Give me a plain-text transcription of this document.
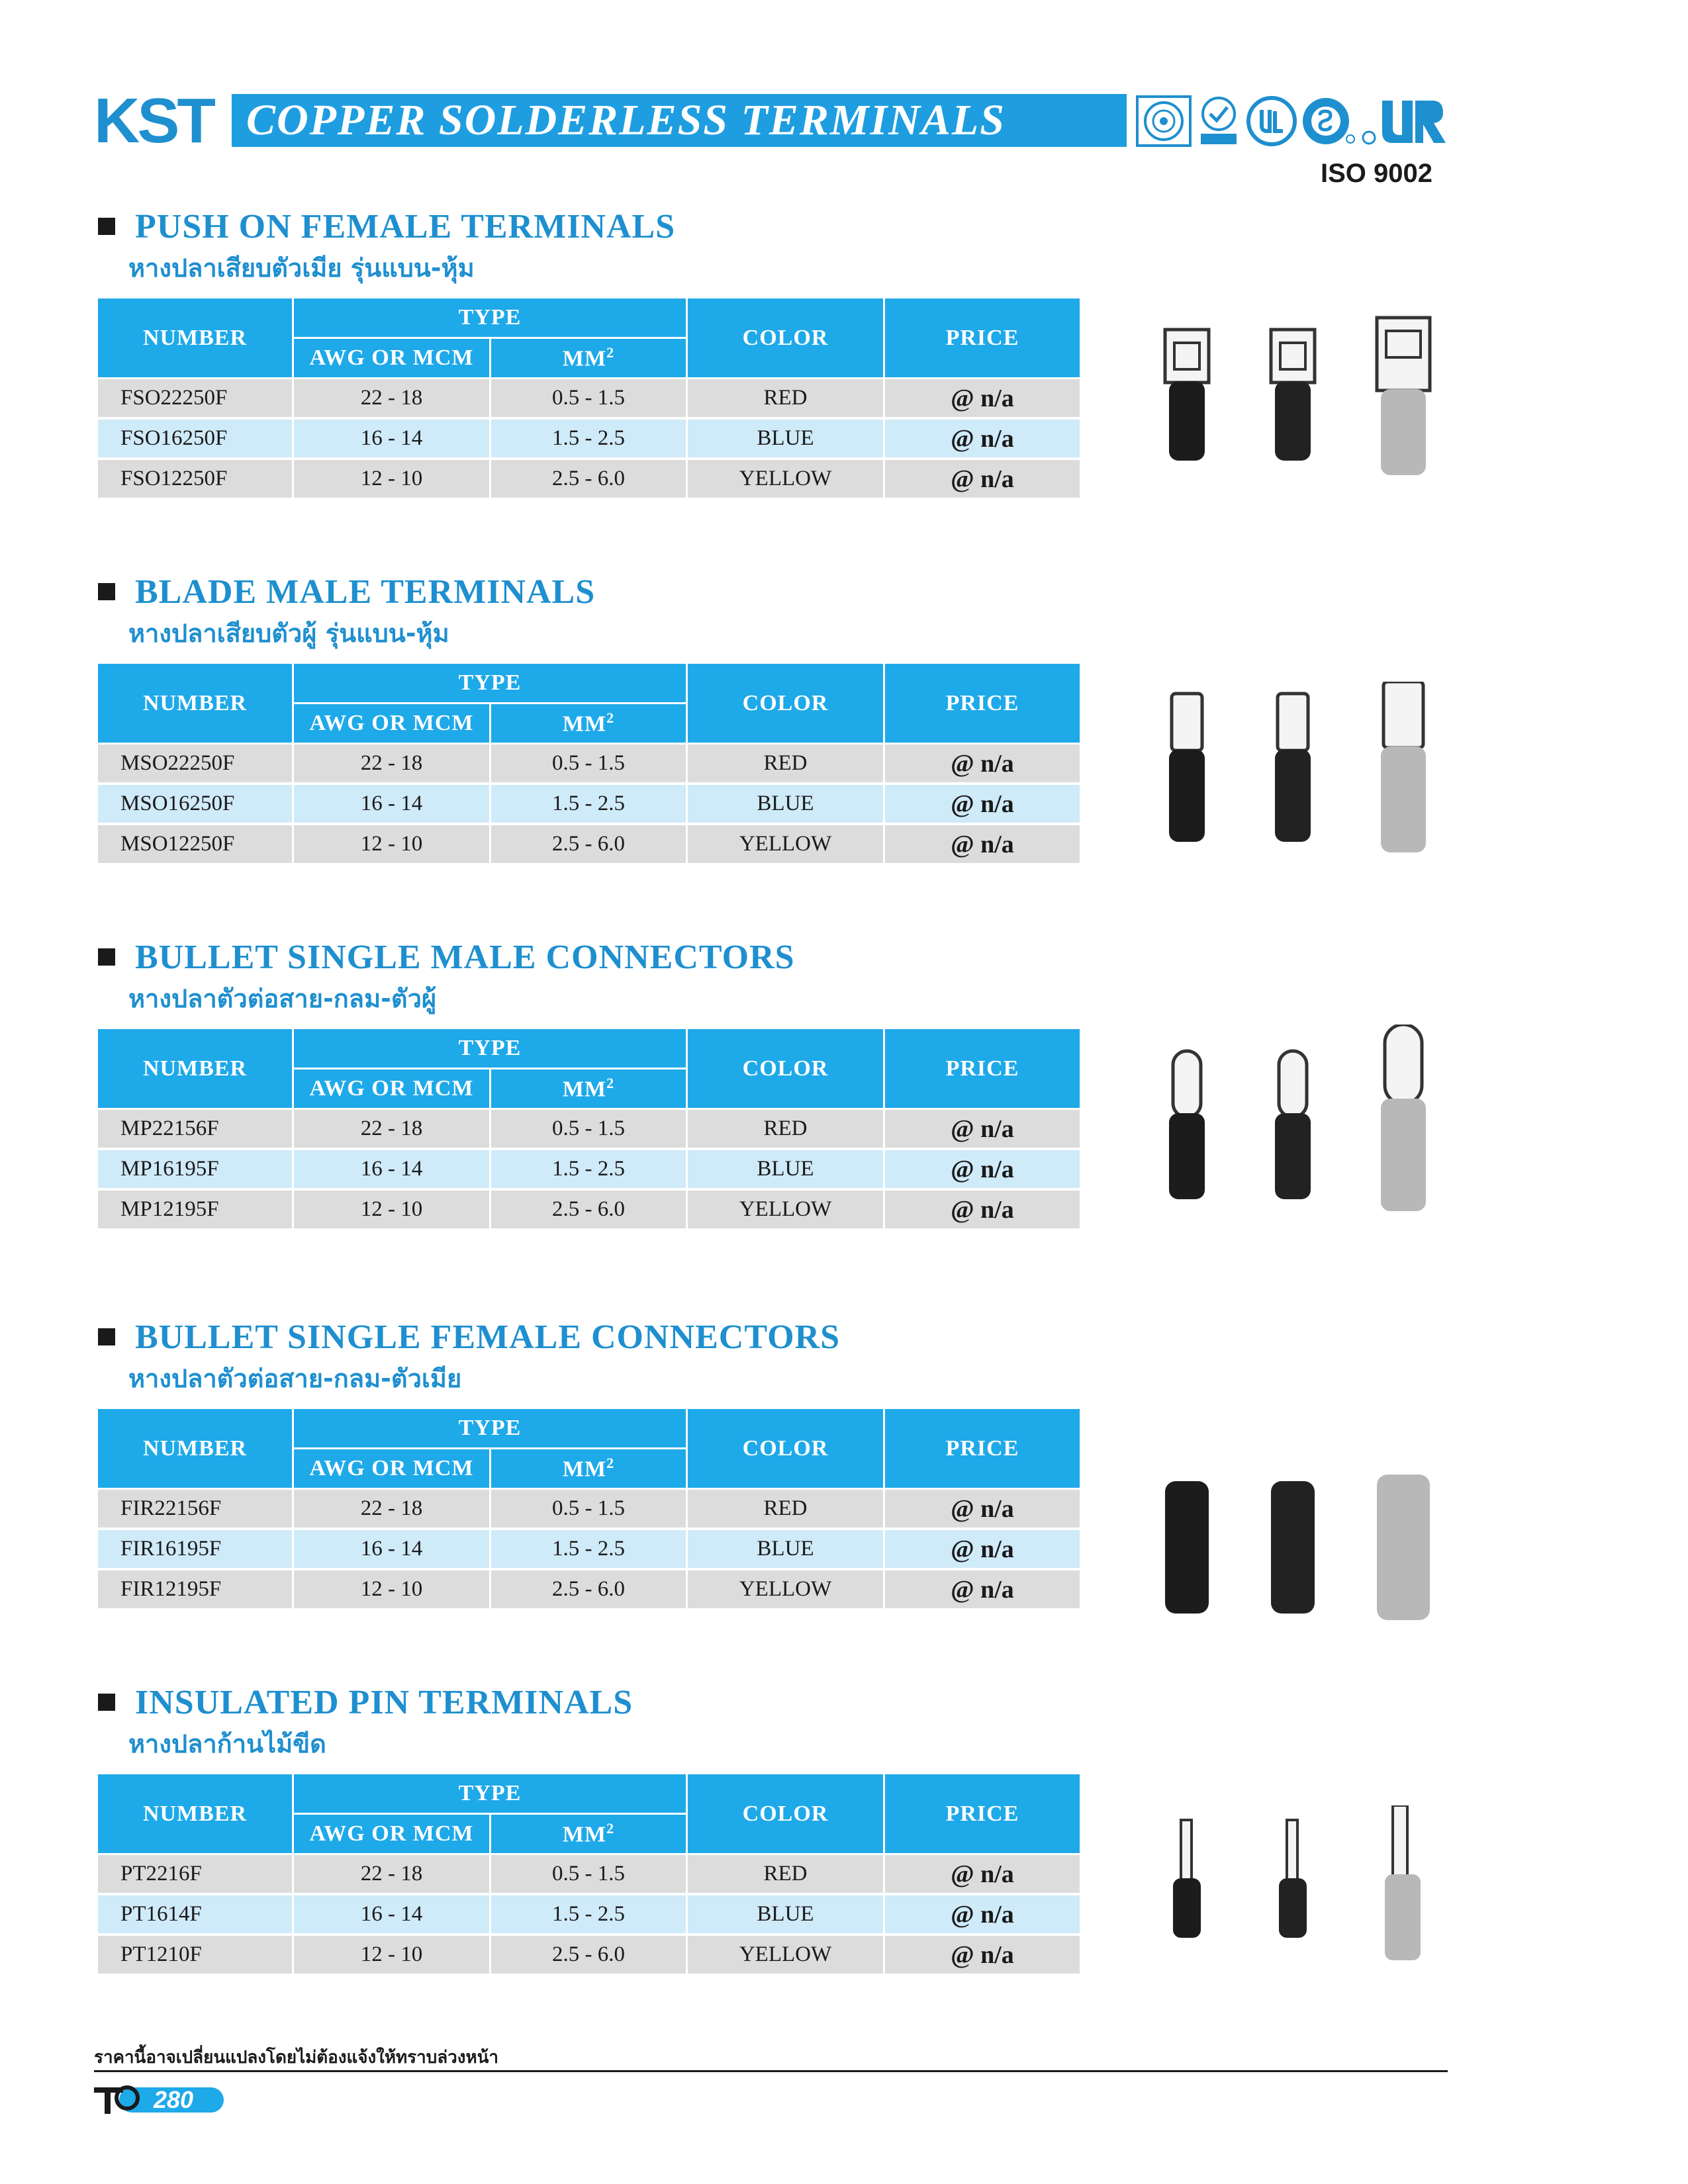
KST COPPER SOLDERLESS TERMINALS
ISO 9002
PUSH ON FEMALE TERMINALS
หางปลาเสียบตัวเมีย รุ่นแบน-หุ้ม
NUMBER	TYPE		COLOR	PRICE
	AWG OR MCM	$MM^2$
FSO22250F	22 - 18	0.5 - 1.5	RED	@ n/a
FSO16250F	16 - 14	1.5 - 2.5	BLUE	@ n/a
FSO12250F	12 - 10	2.5 - 6.0	YELLOW	@ n/a
BLADE MALE TERMINALS
หางปลาเสียบตัวผู้ รุ่นแบน-หุ้ม
NUMBER	TYPE		COLOR	PRICE
	AWG OR MCM	$MM^2$
MSO22250F	22 - 18	0.5 - 1.5	RED	@ n/a
MSO16250F	16 - 14	1.5 - 2.5	BLUE	@ n/a
MSO12250F	12 - 10	2.5 - 6.0	YELLOW	@ n/a
BULLET SINGLE MALE CONNECTORS
หางปลาตัวต่อสาย-กลม-ตัวผู้
NUMBER	TYPE		COLOR	PRICE
	AWG OR MCM	$MM^2$
MP22156F	22 - 18	0.5 - 1.5	RED	@ n/a
MP16195F	16 - 14	1.5 - 2.5	BLUE	@ n/a
MP12195F	12 - 10	2.5 - 6.0	YELLOW	@ n/a
BULLET SINGLE FEMALE CONNECTORS
หางปลาตัวต่อสาย-กลม-ตัวเมีย
NUMBER	TYPE		COLOR	PRICE
	AWG OR MCM	$MM^2$
FIR22156F	22 - 18	0.5 - 1.5	RED	@ n/a
FIR16195F	16 - 14	1.5 - 2.5	BLUE	@ n/a
FIR12195F	12 - 10	2.5 - 6.0	YELLOW	@ n/a
INSULATED PIN TERMINALS
หางปลาก้านไม้ขีด
NUMBER	TYPE		COLOR	PRICE
	AWG OR MCM	$MM^2$
PT2216F	22 - 18	0.5 - 1.5	RED	@ n/a
PT1614F	16 - 14	1.5 - 2.5	BLUE	@ n/a
PT1210F	12 - 10	2.5 - 6.0	YELLOW	@ n/a
ราคานี้อาจเปลี่ยนแปลงโดยไม่ต้องแจ้งให้ทราบล่วงหน้า
280
